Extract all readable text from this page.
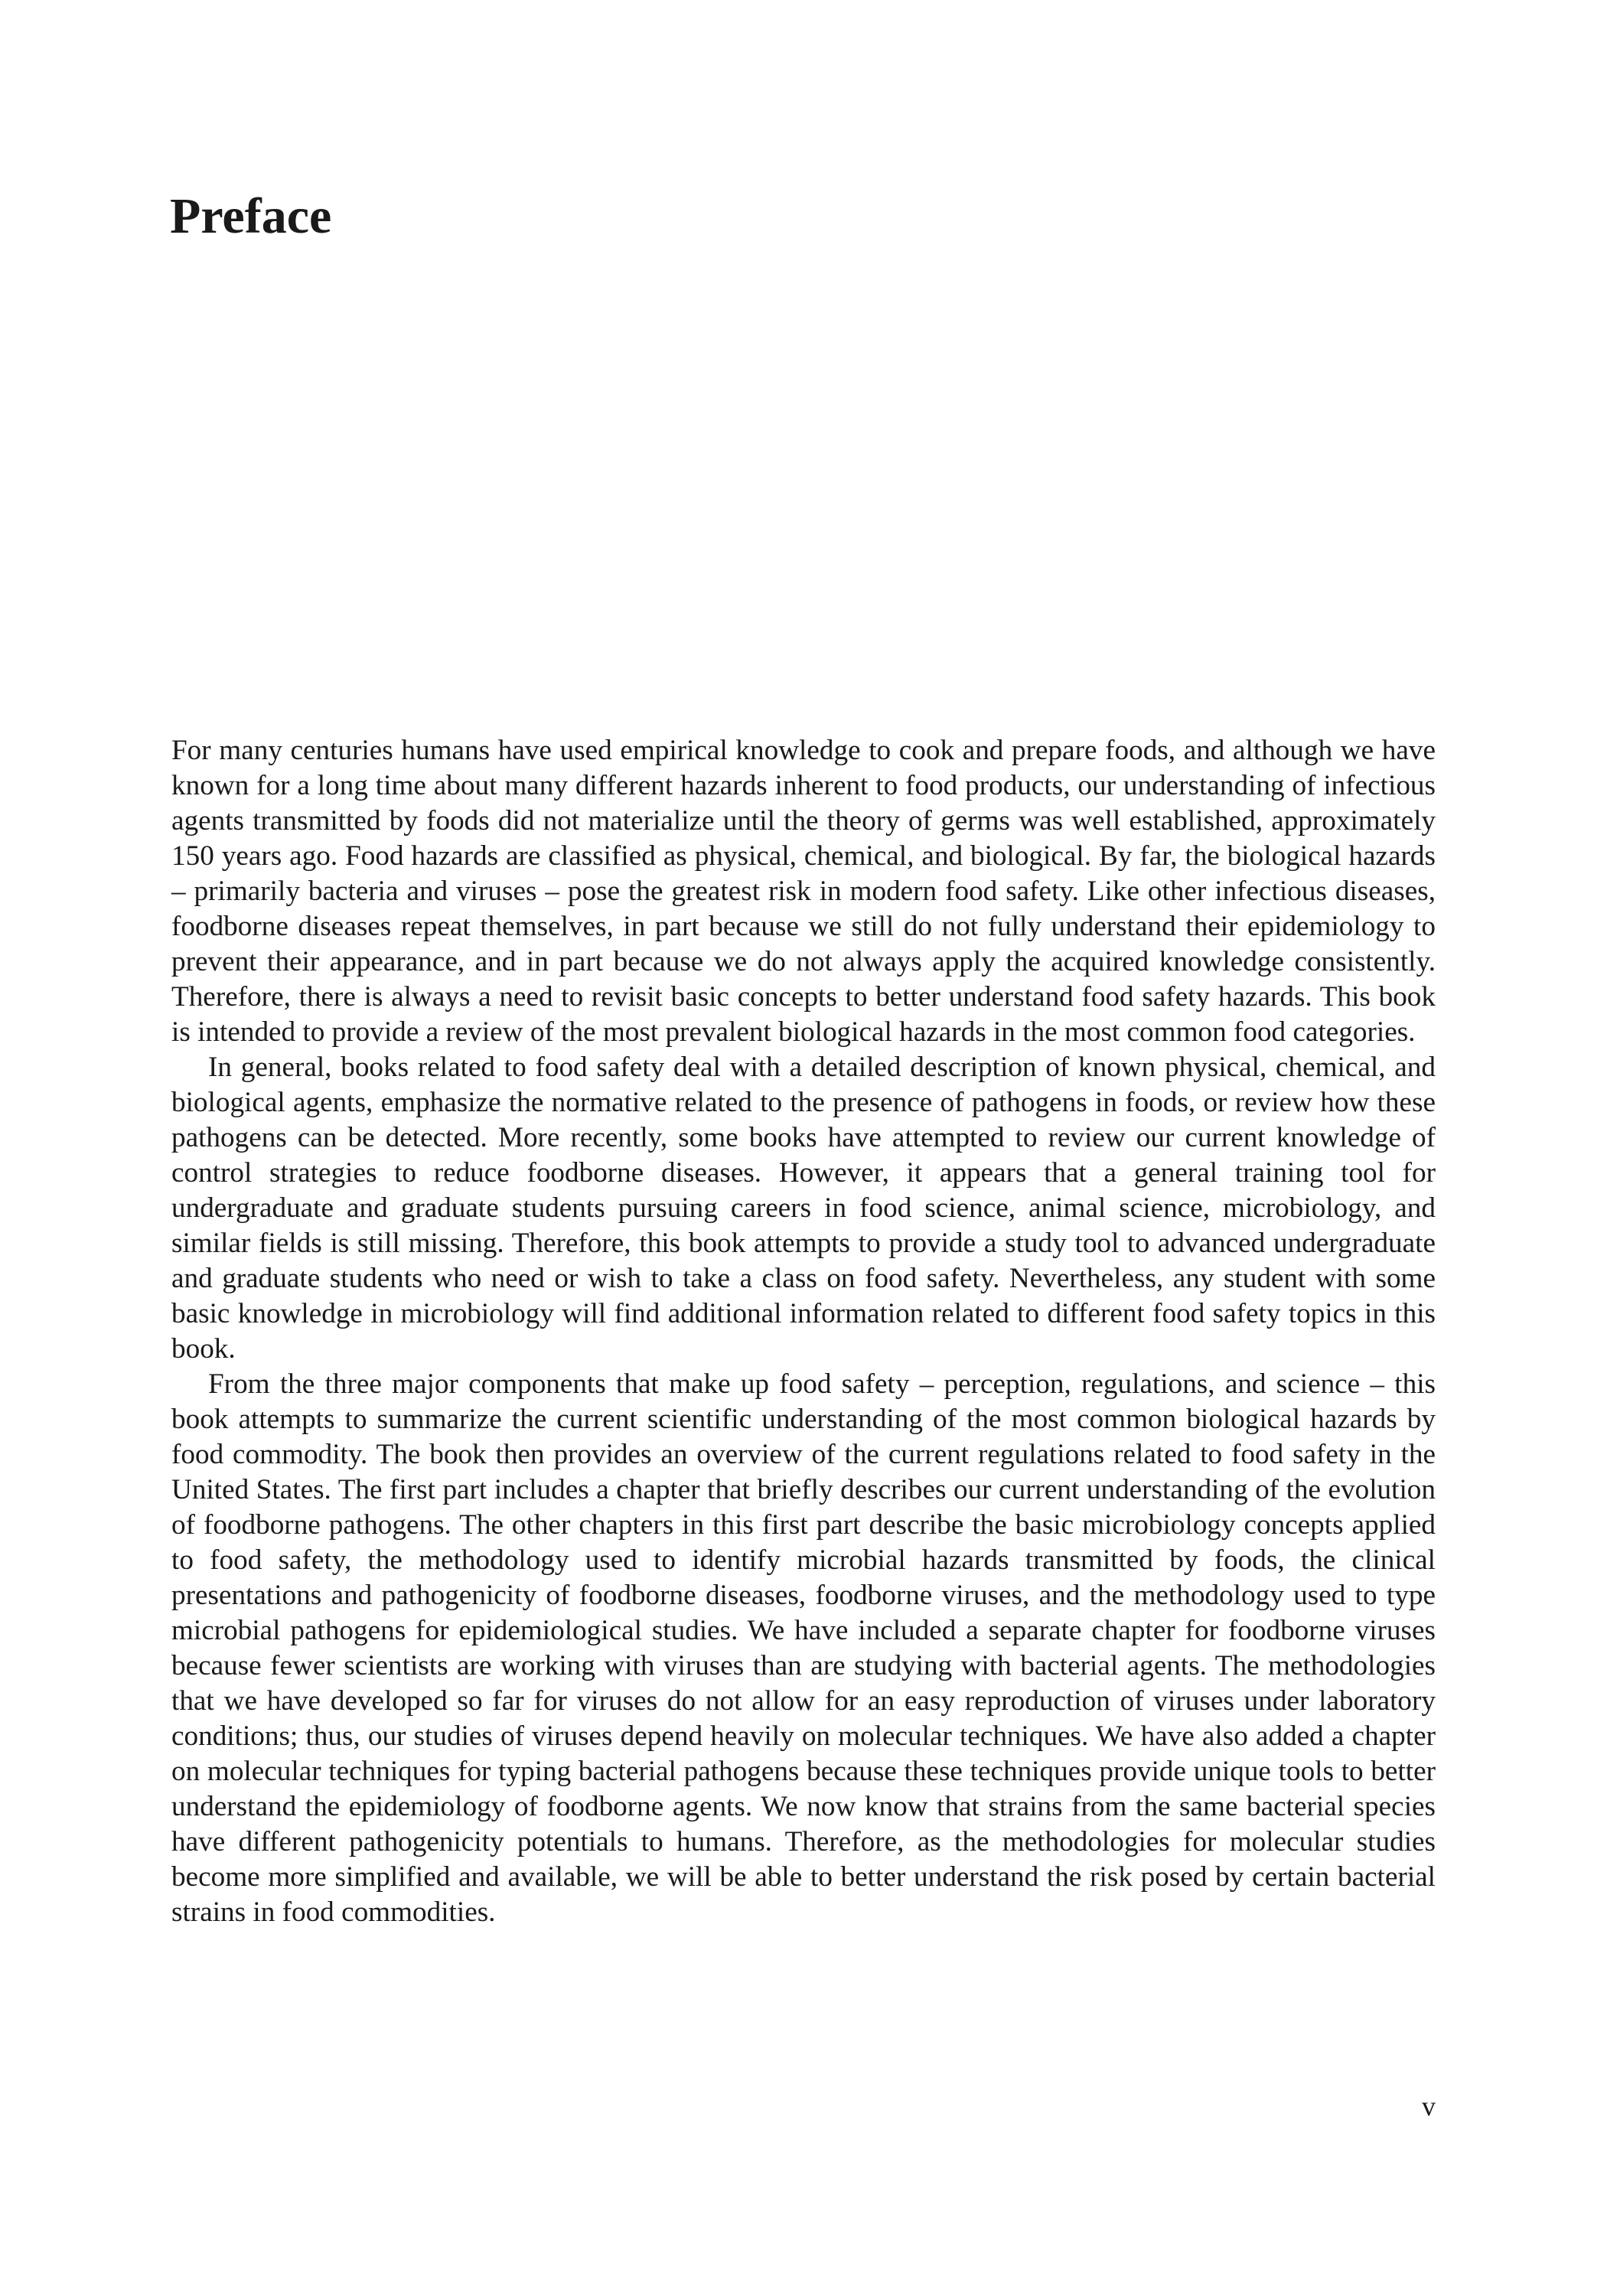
Preface

For many centuries humans have used empirical knowledge to cook and prepare foods, and although we have known for a long time about many different hazards inherent to food products, our understanding of infectious agents transmitted by foods did not materialize until the theory of germs was well established, approximately 150 years ago. Food hazards are classified as physical, chemical, and biological. By far, the biological hazards – primarily bacteria and viruses – pose the greatest risk in modern food safety. Like other infectious diseases, foodborne diseases repeat themselves, in part because we still do not fully understand their epidemiology to prevent their appearance, and in part because we do not always apply the acquired knowledge consistently. Therefore, there is always a need to revisit basic concepts to better understand food safety hazards. This book is intended to provide a review of the most prevalent biological hazards in the most common food categories.

In general, books related to food safety deal with a detailed description of known physical, chemical, and biological agents, emphasize the normative related to the presence of pathogens in foods, or review how these pathogens can be detected. More recently, some books have attempted to review our current knowledge of control strategies to reduce foodborne diseases. However, it appears that a general training tool for undergraduate and graduate students pursuing careers in food science, animal science, microbiology, and similar fields is still missing. Therefore, this book attempts to provide a study tool to advanced undergraduate and graduate students who need or wish to take a class on food safety. Nevertheless, any student with some basic knowledge in microbiology will find additional information related to different food safety topics in this book.

From the three major components that make up food safety – perception, regulations, and science – this book attempts to summarize the current scientific understanding of the most common biological hazards by food commodity. The book then provides an overview of the current regulations related to food safety in the United States. The first part includes a chapter that briefly describes our current understanding of the evolution of foodborne pathogens. The other chapters in this first part describe the basic microbiology concepts applied to food safety, the methodology used to identify microbial hazards transmitted by foods, the clinical presentations and pathogenicity of foodborne diseases, foodborne viruses, and the methodology used to type microbial pathogens for epidemiological studies. We have included a separate chapter for foodborne viruses because fewer scientists are working with viruses than are studying with bacterial agents. The methodologies that we have developed so far for viruses do not allow for an easy reproduction of viruses under laboratory conditions; thus, our studies of viruses depend heavily on molecular techniques. We have also added a chapter on molecular techniques for typing bacterial pathogens because these techniques provide unique tools to better understand the epidemiology of foodborne agents. We now know that strains from the same bacterial species have different pathogenicity potentials to humans. Therefore, as the methodologies for molecular studies become more simplified and available, we will be able to better understand the risk posed by certain bacterial strains in food commodities.

v
